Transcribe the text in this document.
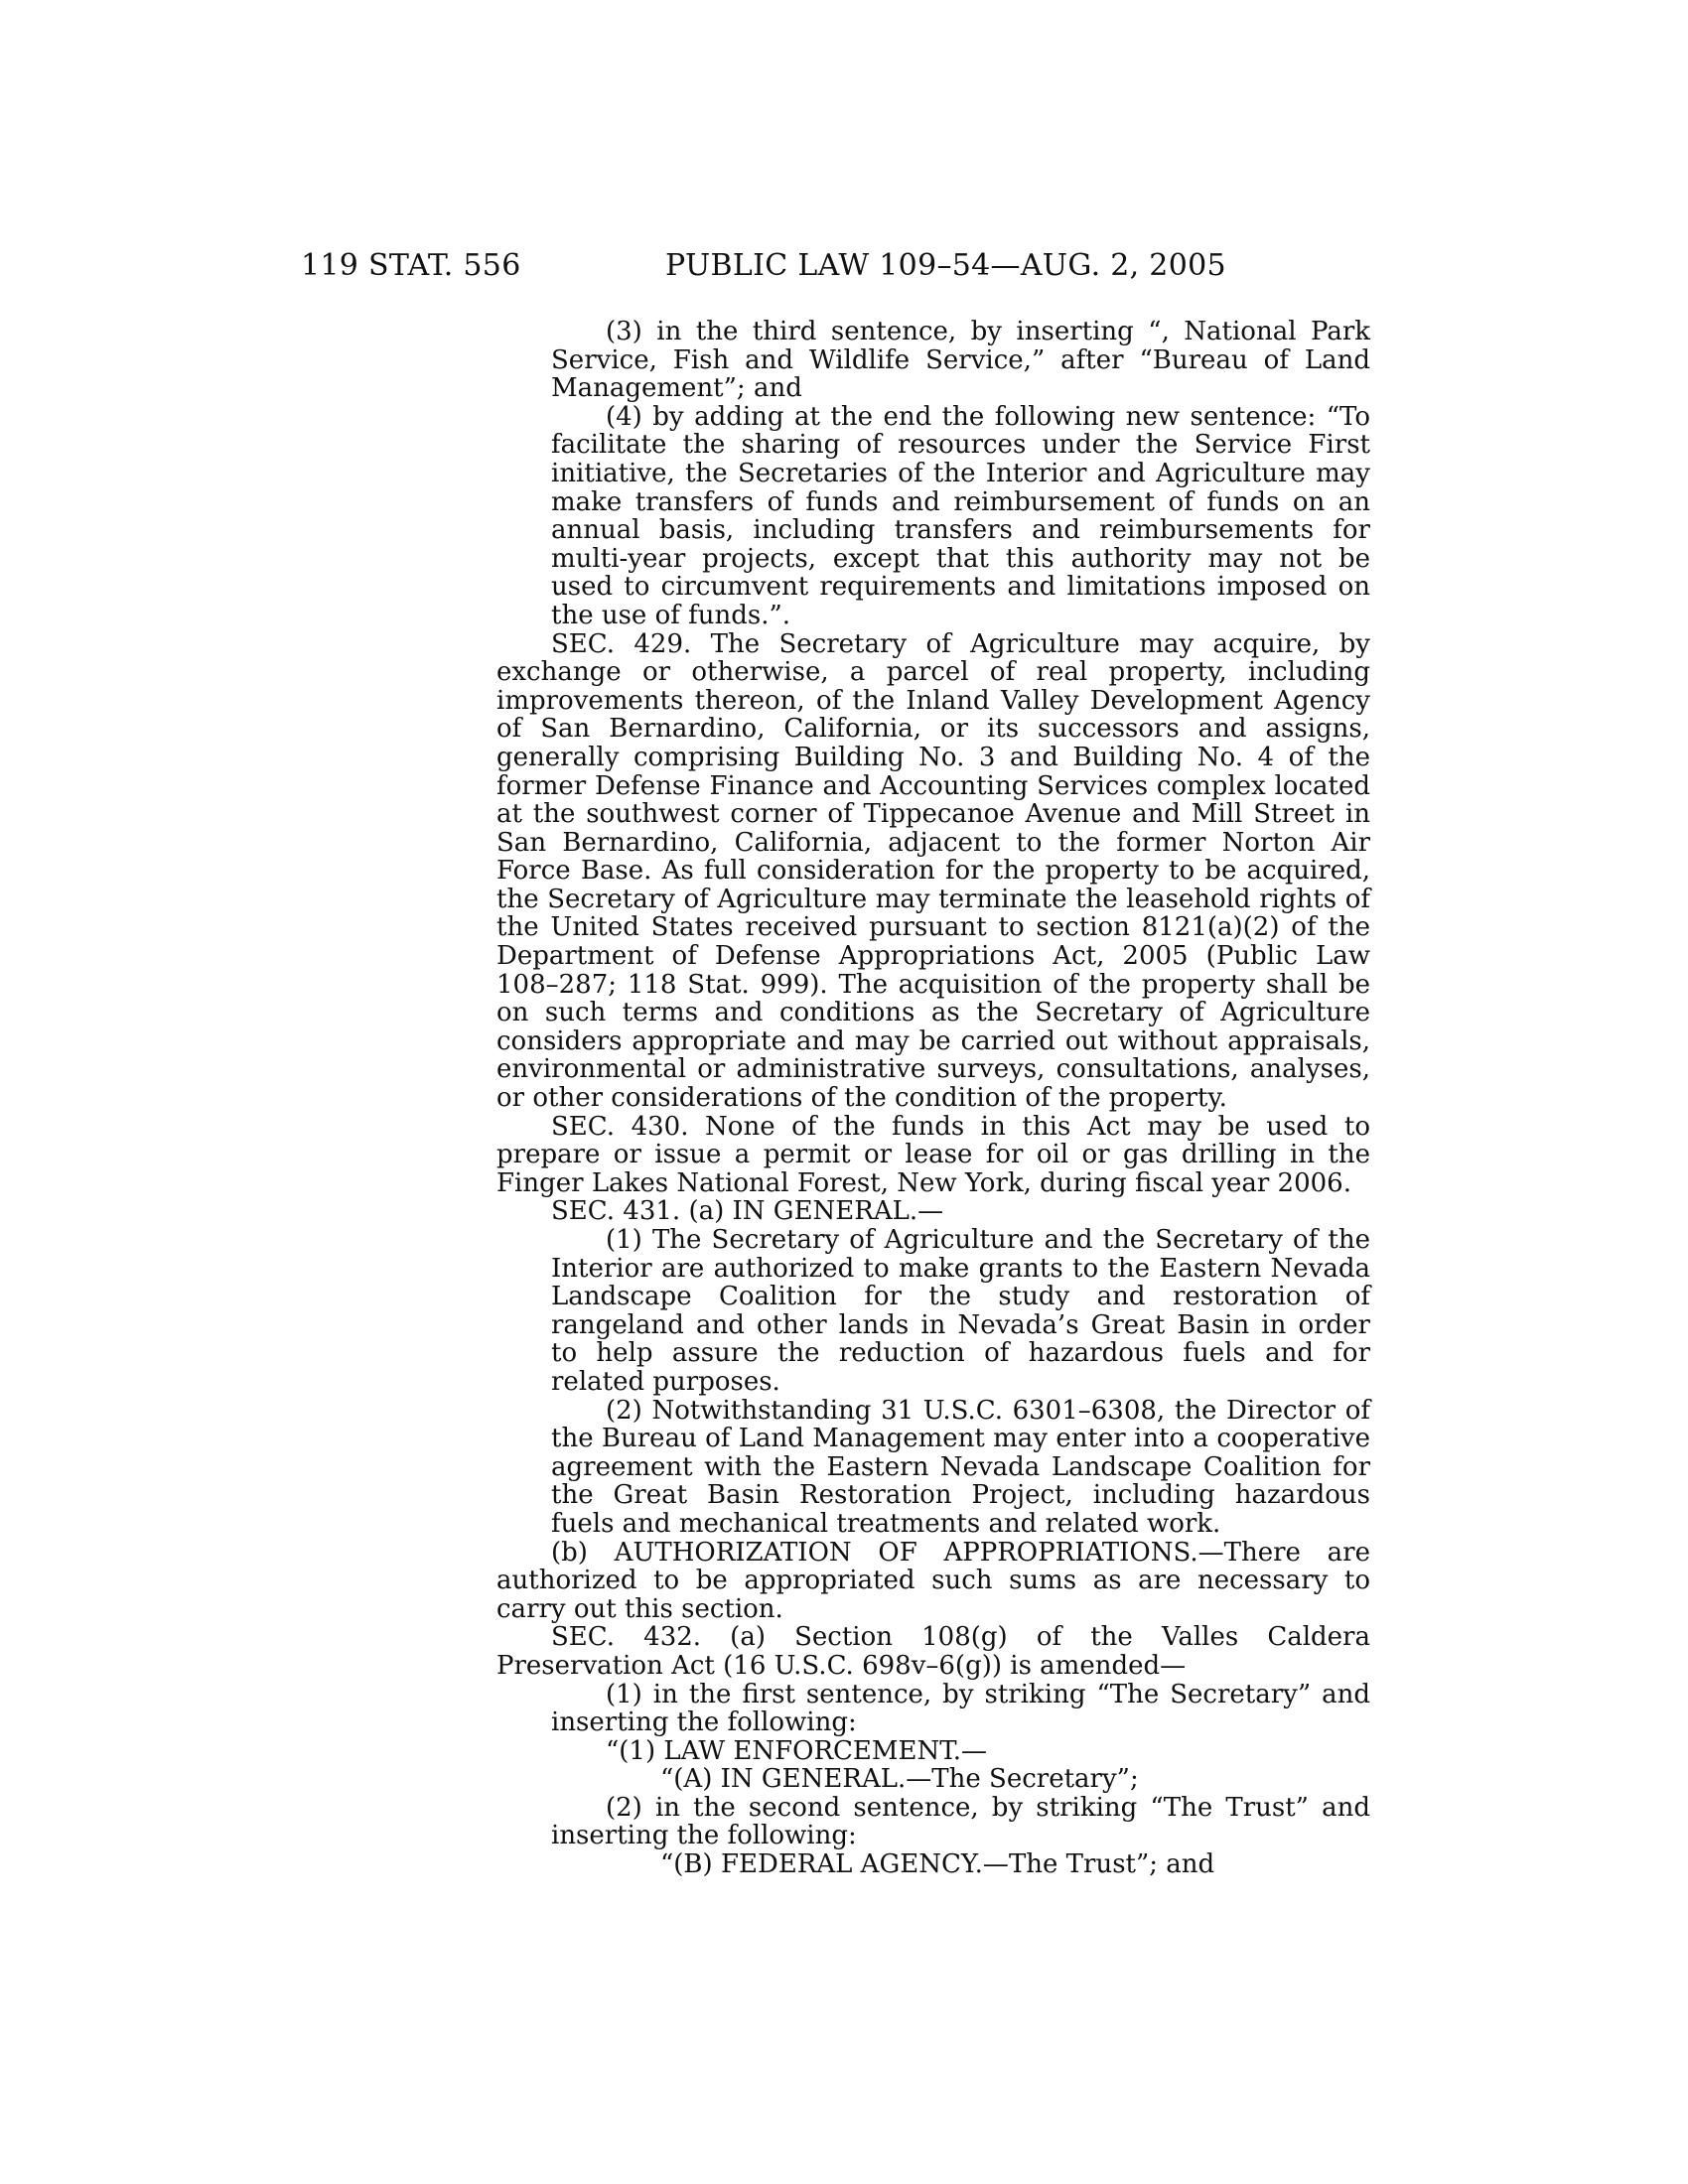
119 STAT. 556	PUBLIC LAW 109–54—AUG. 2, 2005

(3) in the third sentence, by inserting “, National Park Service, Fish and Wildlife Service,” after “Bureau of Land Management”; and

(4) by adding at the end the following new sentence: “To facilitate the sharing of resources under the Service First initiative, the Secretaries of the Interior and Agriculture may make transfers of funds and reimbursement of funds on an annual basis, including transfers and reimbursements for multi-year projects, except that this authority may not be used to circumvent requirements and limitations imposed on the use of funds.”.

SEC. 429. The Secretary of Agriculture may acquire, by exchange or otherwise, a parcel of real property, including improvements thereon, of the Inland Valley Development Agency of San Bernardino, California, or its successors and assigns, generally comprising Building No. 3 and Building No. 4 of the former Defense Finance and Accounting Services complex located at the southwest corner of Tippecanoe Avenue and Mill Street in San Bernardino, California, adjacent to the former Norton Air Force Base. As full consideration for the property to be acquired, the Secretary of Agriculture may terminate the leasehold rights of the United States received pursuant to section 8121(a)(2) of the Department of Defense Appropriations Act, 2005 (Public Law 108–287; 118 Stat. 999). The acquisition of the property shall be on such terms and conditions as the Secretary of Agriculture considers appropriate and may be carried out without appraisals, environmental or administrative surveys, consultations, analyses, or other considerations of the condition of the property.

SEC. 430. None of the funds in this Act may be used to prepare or issue a permit or lease for oil or gas drilling in the Finger Lakes National Forest, New York, during fiscal year 2006.

SEC. 431. (a) IN GENERAL.—

(1) The Secretary of Agriculture and the Secretary of the Interior are authorized to make grants to the Eastern Nevada Landscape Coalition for the study and restoration of rangeland and other lands in Nevada’s Great Basin in order to help assure the reduction of hazardous fuels and for related purposes.

(2) Notwithstanding 31 U.S.C. 6301–6308, the Director of the Bureau of Land Management may enter into a cooperative agreement with the Eastern Nevada Landscape Coalition for the Great Basin Restoration Project, including hazardous fuels and mechanical treatments and related work.

(b) AUTHORIZATION OF APPROPRIATIONS.—There are authorized to be appropriated such sums as are necessary to carry out this section.

SEC. 432. (a) Section 108(g) of the Valles Caldera Preservation Act (16 U.S.C. 698v–6(g)) is amended—

(1) in the first sentence, by striking “The Secretary” and inserting the following:

“(1) LAW ENFORCEMENT.—

“(A) IN GENERAL.—The Secretary”;

(2) in the second sentence, by striking “The Trust” and inserting the following:

“(B) FEDERAL AGENCY.—The Trust”; and
